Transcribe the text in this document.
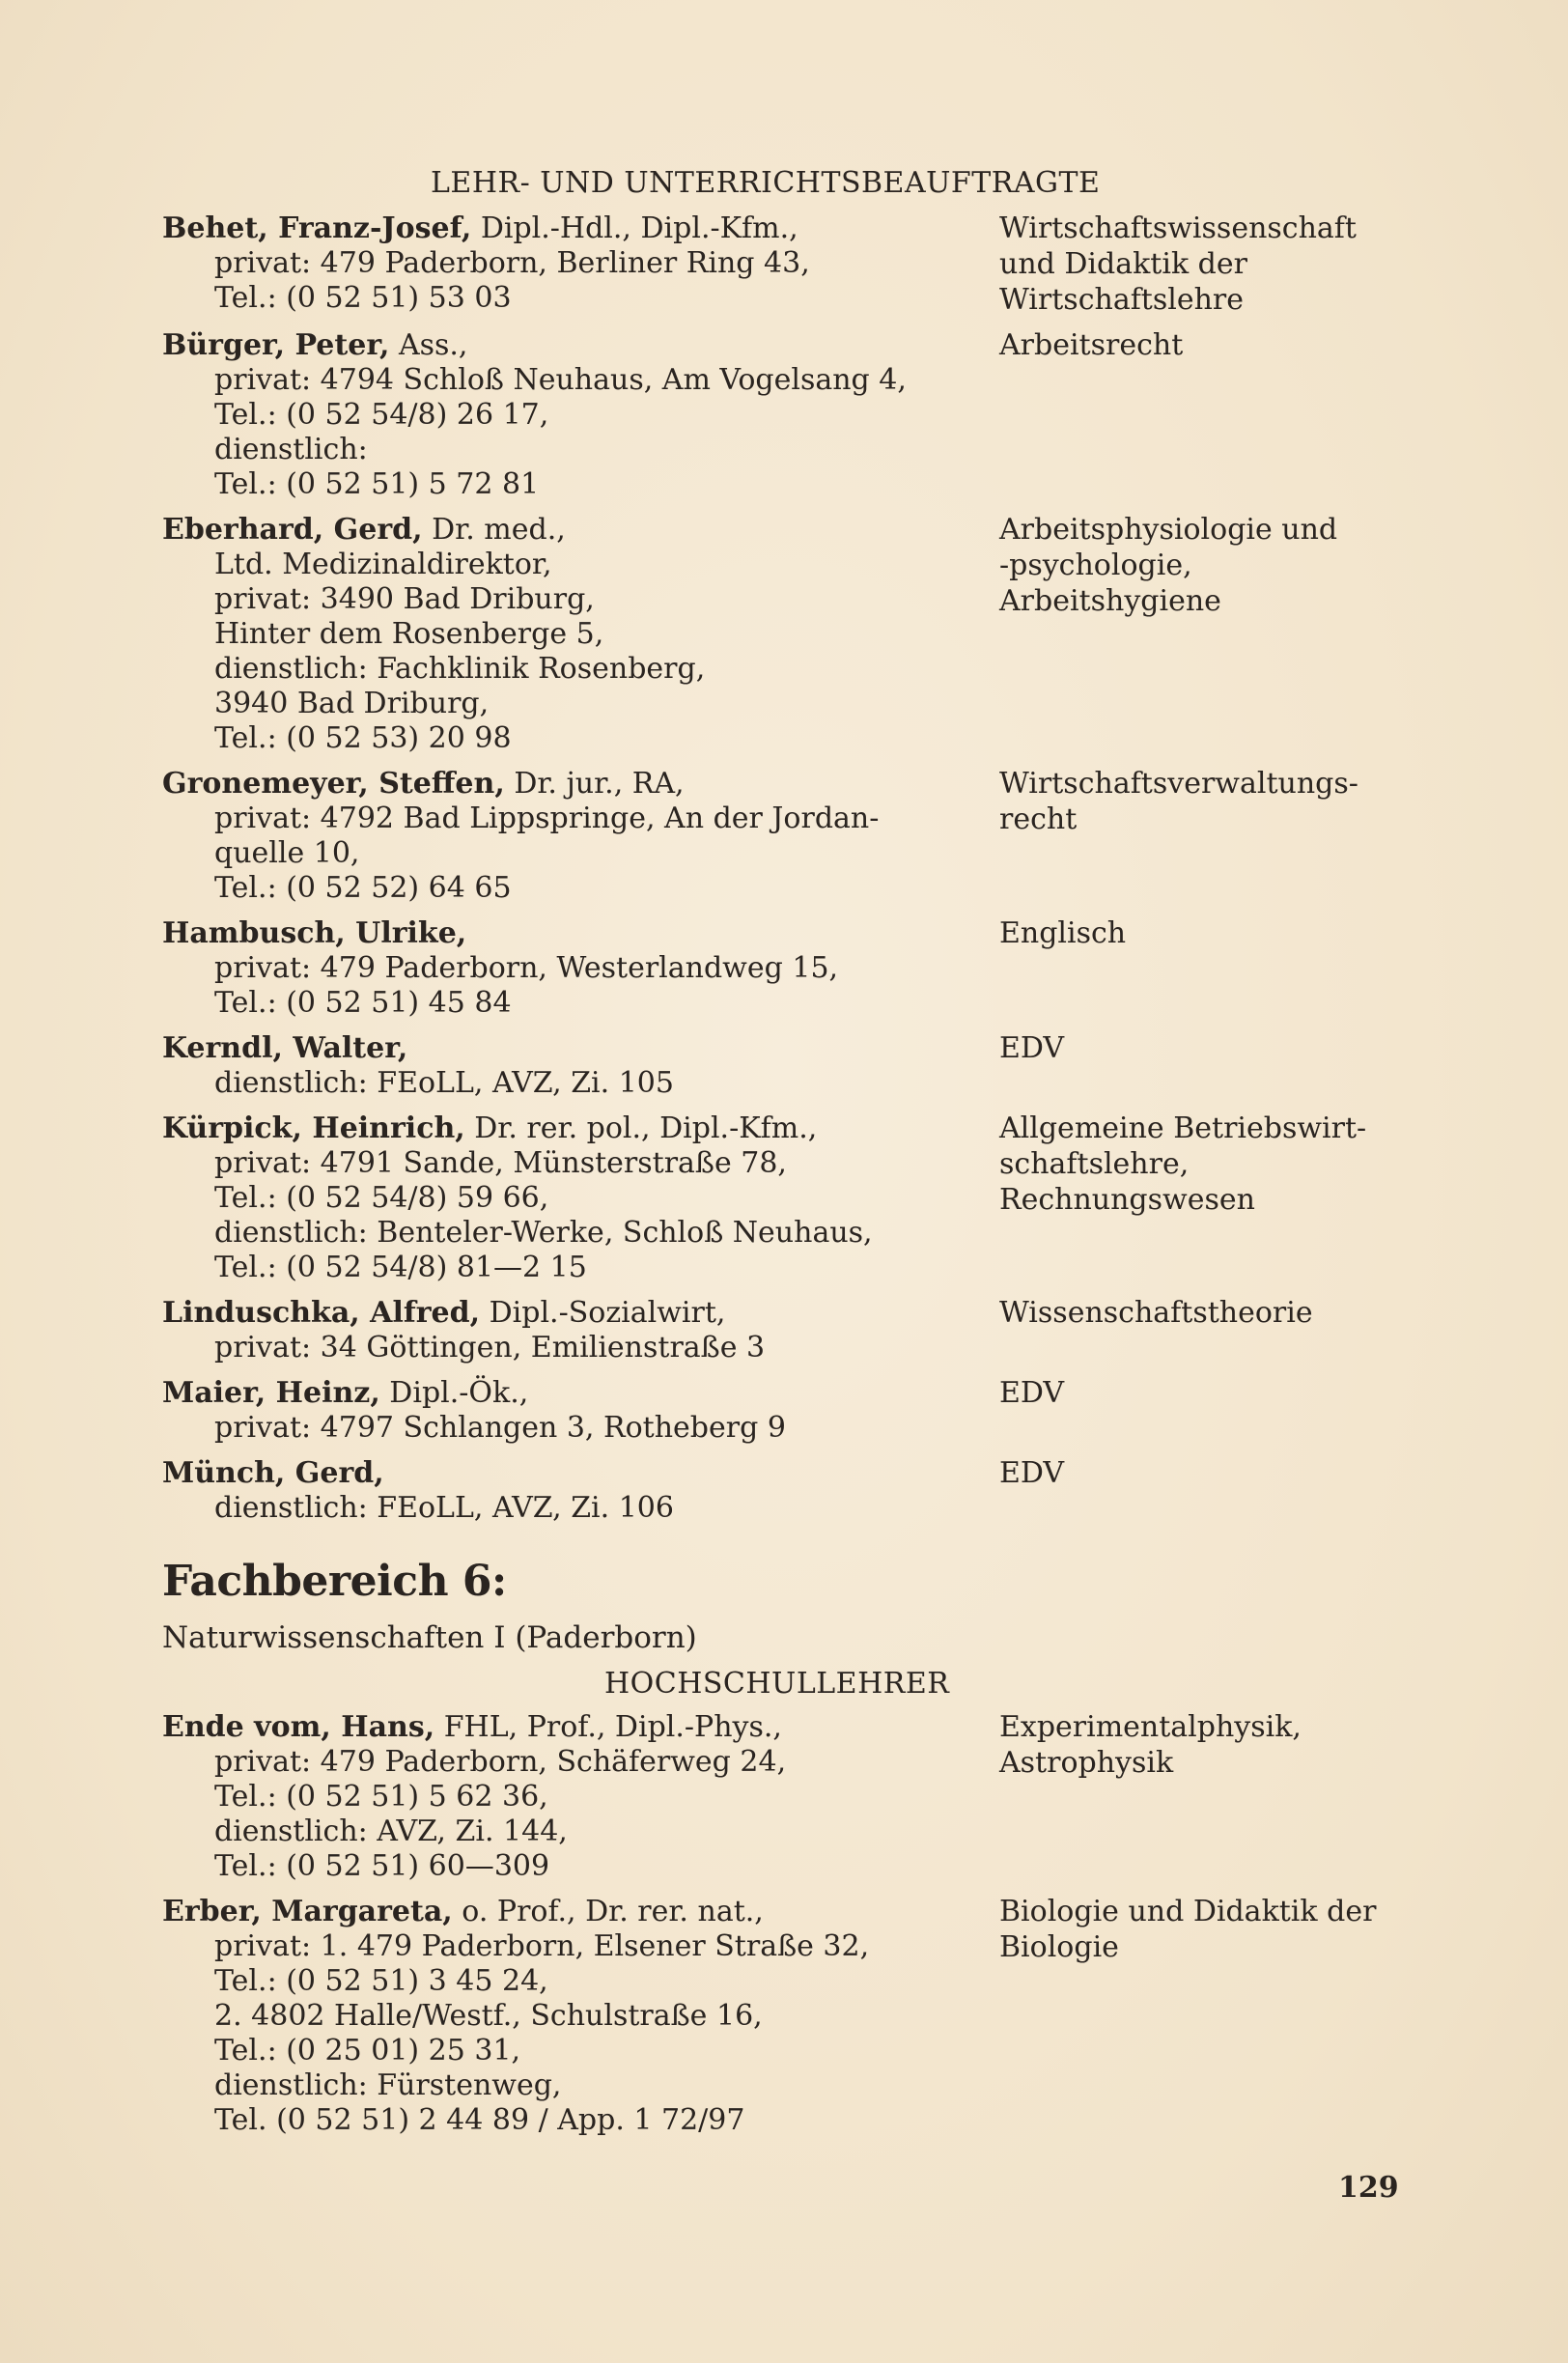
LEHR- UND UNTERRICHTSBEAUFTRAGTE
Behet, Franz-Josef, Dipl.-Hdl., Dipl.-Kfm.,
privat: 479 Paderborn, Berliner Ring 43,
Tel.: (0 52 51) 53 03
Wirtschaftswissenschaft
und Didaktik der
Wirtschaftslehre
Bürger, Peter, Ass.,
privat: 4794 Schloß Neuhaus, Am Vogelsang 4,
Tel.: (0 52 54/8) 26 17,
dienstlich:
Tel.: (0 52 51) 5 72 81
Arbeitsrecht
Eberhard, Gerd, Dr. med.,
Ltd. Medizinaldirektor,
privat: 3490 Bad Driburg,
Hinter dem Rosenberge 5,
dienstlich: Fachklinik Rosenberg,
3940 Bad Driburg,
Tel.: (0 52 53) 20 98
Arbeitsphysiologie und
-psychologie,
Arbeitshygiene
Gronemeyer, Steffen, Dr. jur., RA,
privat: 4792 Bad Lippspringe, An der Jordan-
quelle 10,
Tel.: (0 52 52) 64 65
Wirtschaftsverwaltungs-
recht
Hambusch, Ulrike,
privat: 479 Paderborn, Westerlandweg 15,
Tel.: (0 52 51) 45 84
Englisch
Kerndl, Walter,
dienstlich: FEoLL, AVZ, Zi. 105
EDV
Kürpick, Heinrich, Dr. rer. pol., Dipl.-Kfm.,
privat: 4791 Sande, Münsterstraße 78,
Tel.: (0 52 54/8) 59 66,
dienstlich: Benteler-Werke, Schloß Neuhaus,
Tel.: (0 52 54/8) 81—2 15
Allgemeine Betriebswirt-
schaftslehre,
Rechnungswesen
Linduschka, Alfred, Dipl.-Sozialwirt,
privat: 34 Göttingen, Emilienstraße 3
Wissenschaftstheorie
Maier, Heinz, Dipl.-Ök.,
privat: 4797 Schlangen 3, Rotheberg 9
EDV
Münch, Gerd,
dienstlich: FEoLL, AVZ, Zi. 106
EDV
Fachbereich 6:
Naturwissenschaften I (Paderborn)
HOCHSCHULLEHRER
Ende vom, Hans, FHL, Prof., Dipl.-Phys.,
privat: 479 Paderborn, Schäferweg 24,
Tel.: (0 52 51) 5 62 36,
dienstlich: AVZ, Zi. 144,
Tel.: (0 52 51) 60—309
Experimentalphysik,
Astrophysik
Erber, Margareta, o. Prof., Dr. rer. nat.,
privat: 1. 479 Paderborn, Elsener Straße 32,
Tel.: (0 52 51) 3 45 24,
2. 4802 Halle/Westf., Schulstraße 16,
Tel.: (0 25 01) 25 31,
dienstlich: Fürstenweg,
Tel. (0 52 51) 2 44 89 / App. 1 72/97
Biologie und Didaktik der
Biologie
129
